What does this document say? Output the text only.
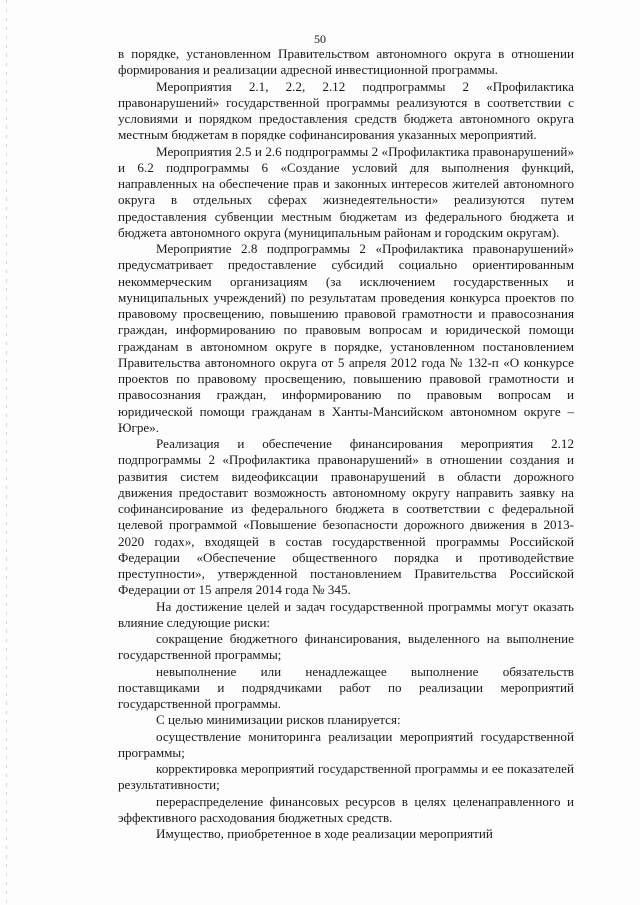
50

в порядке, установленном Правительством автономного округа в отношении формирования и реализации адресной инвестиционной программы.

Мероприятия 2.1, 2.2, 2.12 подпрограммы 2 «Профилактика правонарушений» государственной программы реализуются в соответствии с условиями и порядком предоставления средств бюджета автономного округа местным бюджетам в порядке софинансирования указанных мероприятий.

Мероприятия 2.5 и 2.6 подпрограммы 2 «Профилактика правонарушений» и 6.2 подпрограммы 6 «Создание условий для выполнения функций, направленных на обеспечение прав и законных интересов жителей автономного округа в отдельных сферах жизнедеятельности» реализуются путем предоставления субвенции местным бюджетам из федерального бюджета и бюджета автономного округа (муниципальным районам и городским округам).

Мероприятие 2.8 подпрограммы 2 «Профилактика правонарушений» предусматривает предоставление субсидий социально ориентированным некоммерческим организациям (за исключением государственных и муниципальных учреждений) по результатам проведения конкурса проектов по правовому просвещению, повышению правовой грамотности и правосознания граждан, информированию по правовым вопросам и юридической помощи гражданам в автономном округе в порядке, установленном постановлением Правительства автономного округа от 5 апреля 2012 года № 132-п «О конкурсе проектов по правовому просвещению, повышению правовой грамотности и правосознания граждан, информированию по правовым вопросам и юридической помощи гражданам в Ханты-Мансийском автономном округе – Югре».

Реализация и обеспечение финансирования мероприятия 2.12 подпрограммы 2 «Профилактика правонарушений» в отношении создания и развития систем видеофиксации правонарушений в области дорожного движения предоставит возможность автономному округу направить заявку на софинансирование из федерального бюджета в соответствии с федеральной целевой программой «Повышение безопасности дорожного движения в 2013-2020 годах», входящей в состав государственной программы Российской Федерации «Обеспечение общественного порядка и противодействие преступности», утвержденной постановлением Правительства Российской Федерации от 15 апреля 2014 года № 345.

На достижение целей и задач государственной программы могут оказать влияние следующие риски:

сокращение бюджетного финансирования, выделенного на выполнение государственной программы;

невыполнение или ненадлежащее выполнение обязательств поставщиками и подрядчиками работ по реализации мероприятий государственной программы.

С целью минимизации рисков планируется:

осуществление мониторинга реализации мероприятий государственной программы;

корректировка мероприятий государственной программы и ее показателей результативности;

перераспределение финансовых ресурсов в целях целенаправленного и эффективного расходования бюджетных средств.

Имущество, приобретенное в ходе реализации мероприятий
